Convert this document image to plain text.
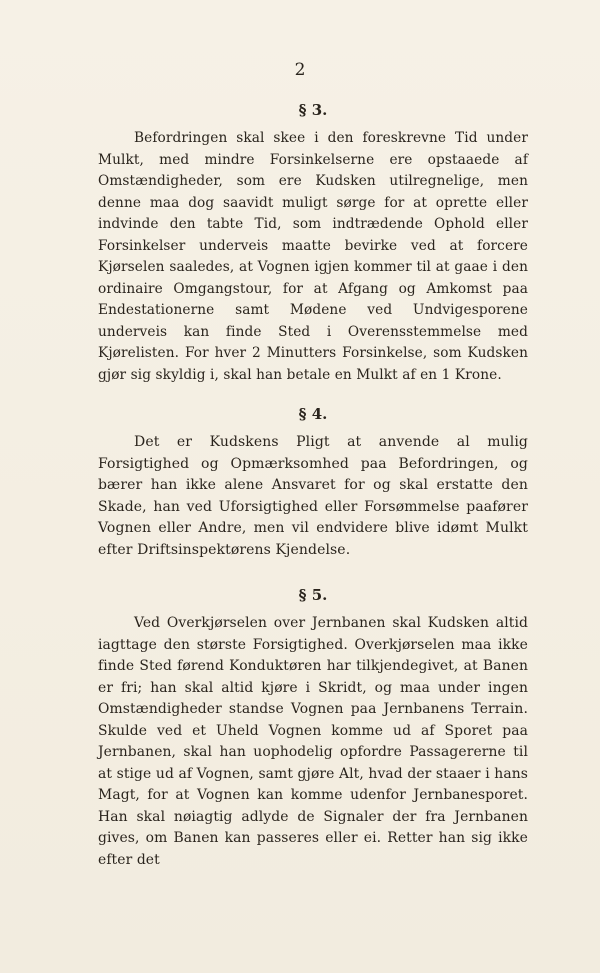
2
§ 3.

Befordringen skal skee i den foreskrevne Tid under Mulkt, med mindre Forsinkelserne ere opstaaede af Omstændigheder, som ere Kudsken utilregnelige, men denne maa dog saavidt muligt sørge for at oprette eller indvinde den tabte Tid, som indtrædende Ophold eller Forsinkelser underveis maatte bevirke ved at forcere Kjørselen saaledes, at Vognen igjen kommer til at gaae i den ordinaire Omgangstour, for at Afgang og Amkomst paa Endestationerne samt Mødene ved Undvigesporene underveis kan finde Sted i Overensstemmelse med Kjørelisten. For hver 2 Minutters Forsinkelse, som Kudsken gjør sig skyldig i, skal han betale en Mulkt af en 1 Krone.

§ 4.

Det er Kudskens Pligt at anvende al mulig Forsigtighed og Opmærksomhed paa Befordringen, og bærer han ikke alene Ansvaret for og skal erstatte den Skade, han ved Uforsigtighed eller Forsømmelse paafører Vognen eller Andre, men vil endvidere blive idømt Mulkt efter Driftsinspektørens Kjendelse.

§ 5.

Ved Overkjørselen over Jernbanen skal Kudsken altid iagttage den største Forsigtighed. Overkjørselen maa ikke finde Sted førend Konduktøren har tilkjendegivet, at Banen er fri; han skal altid kjøre i Skridt, og maa under ingen Omstændigheder standse Vognen paa Jernbanens Terrain. Skulde ved et Uheld Vognen komme ud af Sporet paa Jernbanen, skal han uophodelig opfordre Passagererne til at stige ud af Vognen, samt gjøre Alt, hvad der staaer i hans Magt, for at Vognen kan komme udenfor Jernbanesporet. Han skal nøiagtig adlyde de Signaler der fra Jernbanen gives, om Banen kan passeres eller ei. Retter han sig ikke efter det
